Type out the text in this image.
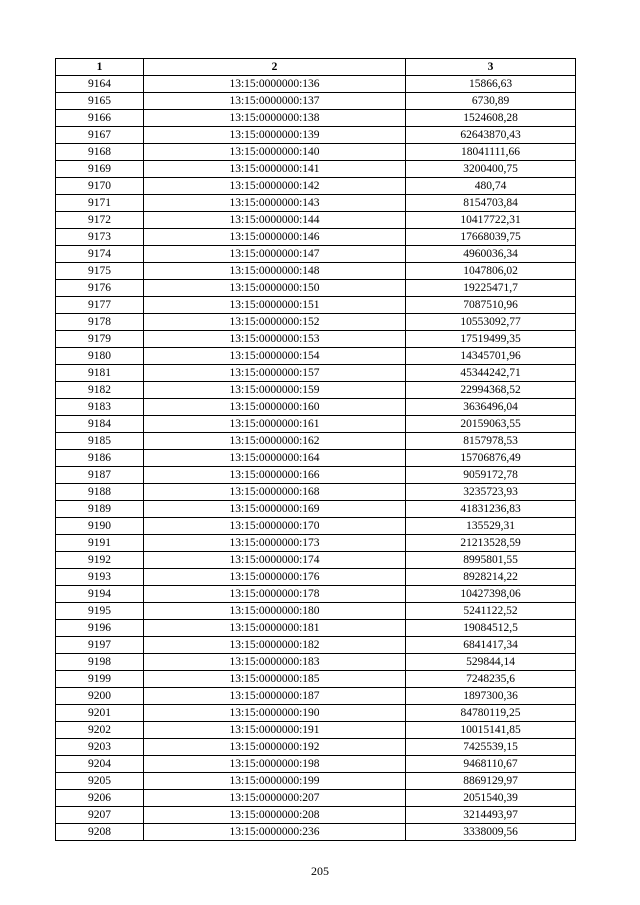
1	2	3
9164	13:15:0000000:136	15866,63
9165	13:15:0000000:137	6730,89
9166	13:15:0000000:138	1524608,28
9167	13:15:0000000:139	62643870,43
9168	13:15:0000000:140	18041111,66
9169	13:15:0000000:141	3200400,75
9170	13:15:0000000:142	480,74
9171	13:15:0000000:143	8154703,84
9172	13:15:0000000:144	10417722,31
9173	13:15:0000000:146	17668039,75
9174	13:15:0000000:147	4960036,34
9175	13:15:0000000:148	1047806,02
9176	13:15:0000000:150	19225471,7
9177	13:15:0000000:151	7087510,96
9178	13:15:0000000:152	10553092,77
9179	13:15:0000000:153	17519499,35
9180	13:15:0000000:154	14345701,96
9181	13:15:0000000:157	45344242,71
9182	13:15:0000000:159	22994368,52
9183	13:15:0000000:160	3636496,04
9184	13:15:0000000:161	20159063,55
9185	13:15:0000000:162	8157978,53
9186	13:15:0000000:164	15706876,49
9187	13:15:0000000:166	9059172,78
9188	13:15:0000000:168	3235723,93
9189	13:15:0000000:169	41831236,83
9190	13:15:0000000:170	135529,31
9191	13:15:0000000:173	21213528,59
9192	13:15:0000000:174	8995801,55
9193	13:15:0000000:176	8928214,22
9194	13:15:0000000:178	10427398,06
9195	13:15:0000000:180	5241122,52
9196	13:15:0000000:181	19084512,5
9197	13:15:0000000:182	6841417,34
9198	13:15:0000000:183	529844,14
9199	13:15:0000000:185	7248235,6
9200	13:15:0000000:187	1897300,36
9201	13:15:0000000:190	84780119,25
9202	13:15:0000000:191	10015141,85
9203	13:15:0000000:192	7425539,15
9204	13:15:0000000:198	9468110,67
9205	13:15:0000000:199	8869129,97
9206	13:15:0000000:207	2051540,39
9207	13:15:0000000:208	3214493,97
9208	13:15:0000000:236	3338009,56
205
